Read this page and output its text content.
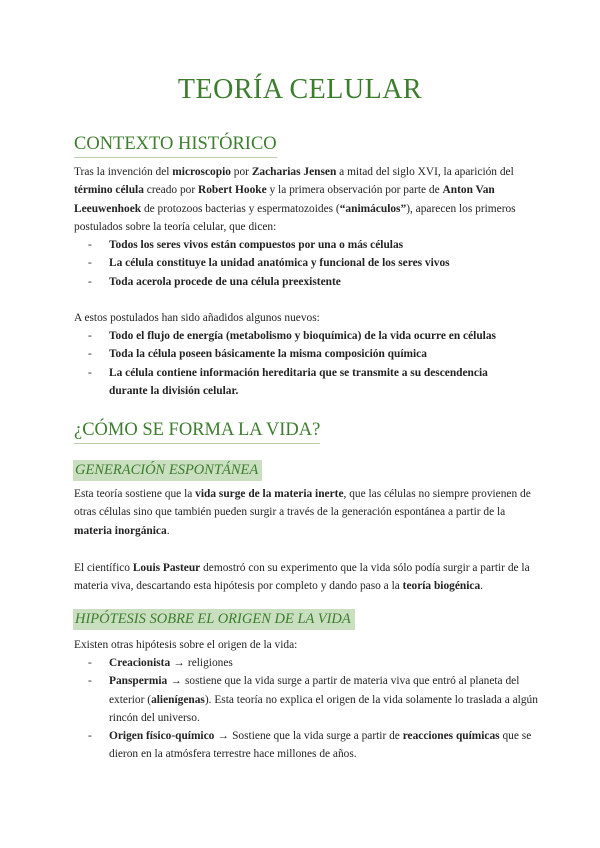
TEORÍA CELULAR
CONTEXTO HISTÓRICO

Tras la invención del microscopio por Zacharias Jensen a mitad del siglo XVI, la aparición del término célula creado por Robert Hooke y la primera observación por parte de Anton Van Leeuwenhoek de protozoos bacterias y espermatozoides (“animáculos”), aparecen los primeros postulados sobre la teoría celular, que dicen:

- Todos los seres vivos están compuestos por una o más células
- La célula constituye la unidad anatómica y funcional de los seres vivos
- Toda acerola procede de una célula preexistente

A estos postulados han sido añadidos algunos nuevos:

- Todo el flujo de energía (metabolismo y bioquímica) de la vida ocurre en células
- Toda la célula poseen básicamente la misma composición química
- La célula contiene información hereditaria que se transmite a su descendencia durante la división celular.
¿CÓMO SE FORMA LA VIDA?
GENERACIÓN ESPONTÁNEA

Esta teoría sostiene que la vida surge de la materia inerte, que las células no siempre provienen de otras células sino que también pueden surgir a través de la generación espontánea a partir de la materia inorgánica.

El científico Louis Pasteur demostró con su experimento que la vida sólo podía surgir a partir de la materia viva, descartando esta hipótesis por completo y dando paso a la teoría biogénica.

HIPÓTESIS SOBRE EL ORIGEN DE LA VIDA

Existen otras hipótesis sobre el origen de la vida:

- Creacionista → religiones
- Panspermia → sostiene que la vida surge a partir de materia viva que entró al planeta del exterior (alienígenas). Esta teoría no explica el origen de la vida solamente lo traslada a algún rincón del universo.
- Origen físico-químico → Sostiene que la vida surge a partir de reacciones químicas que se dieron en la atmósfera terrestre hace millones de años.
